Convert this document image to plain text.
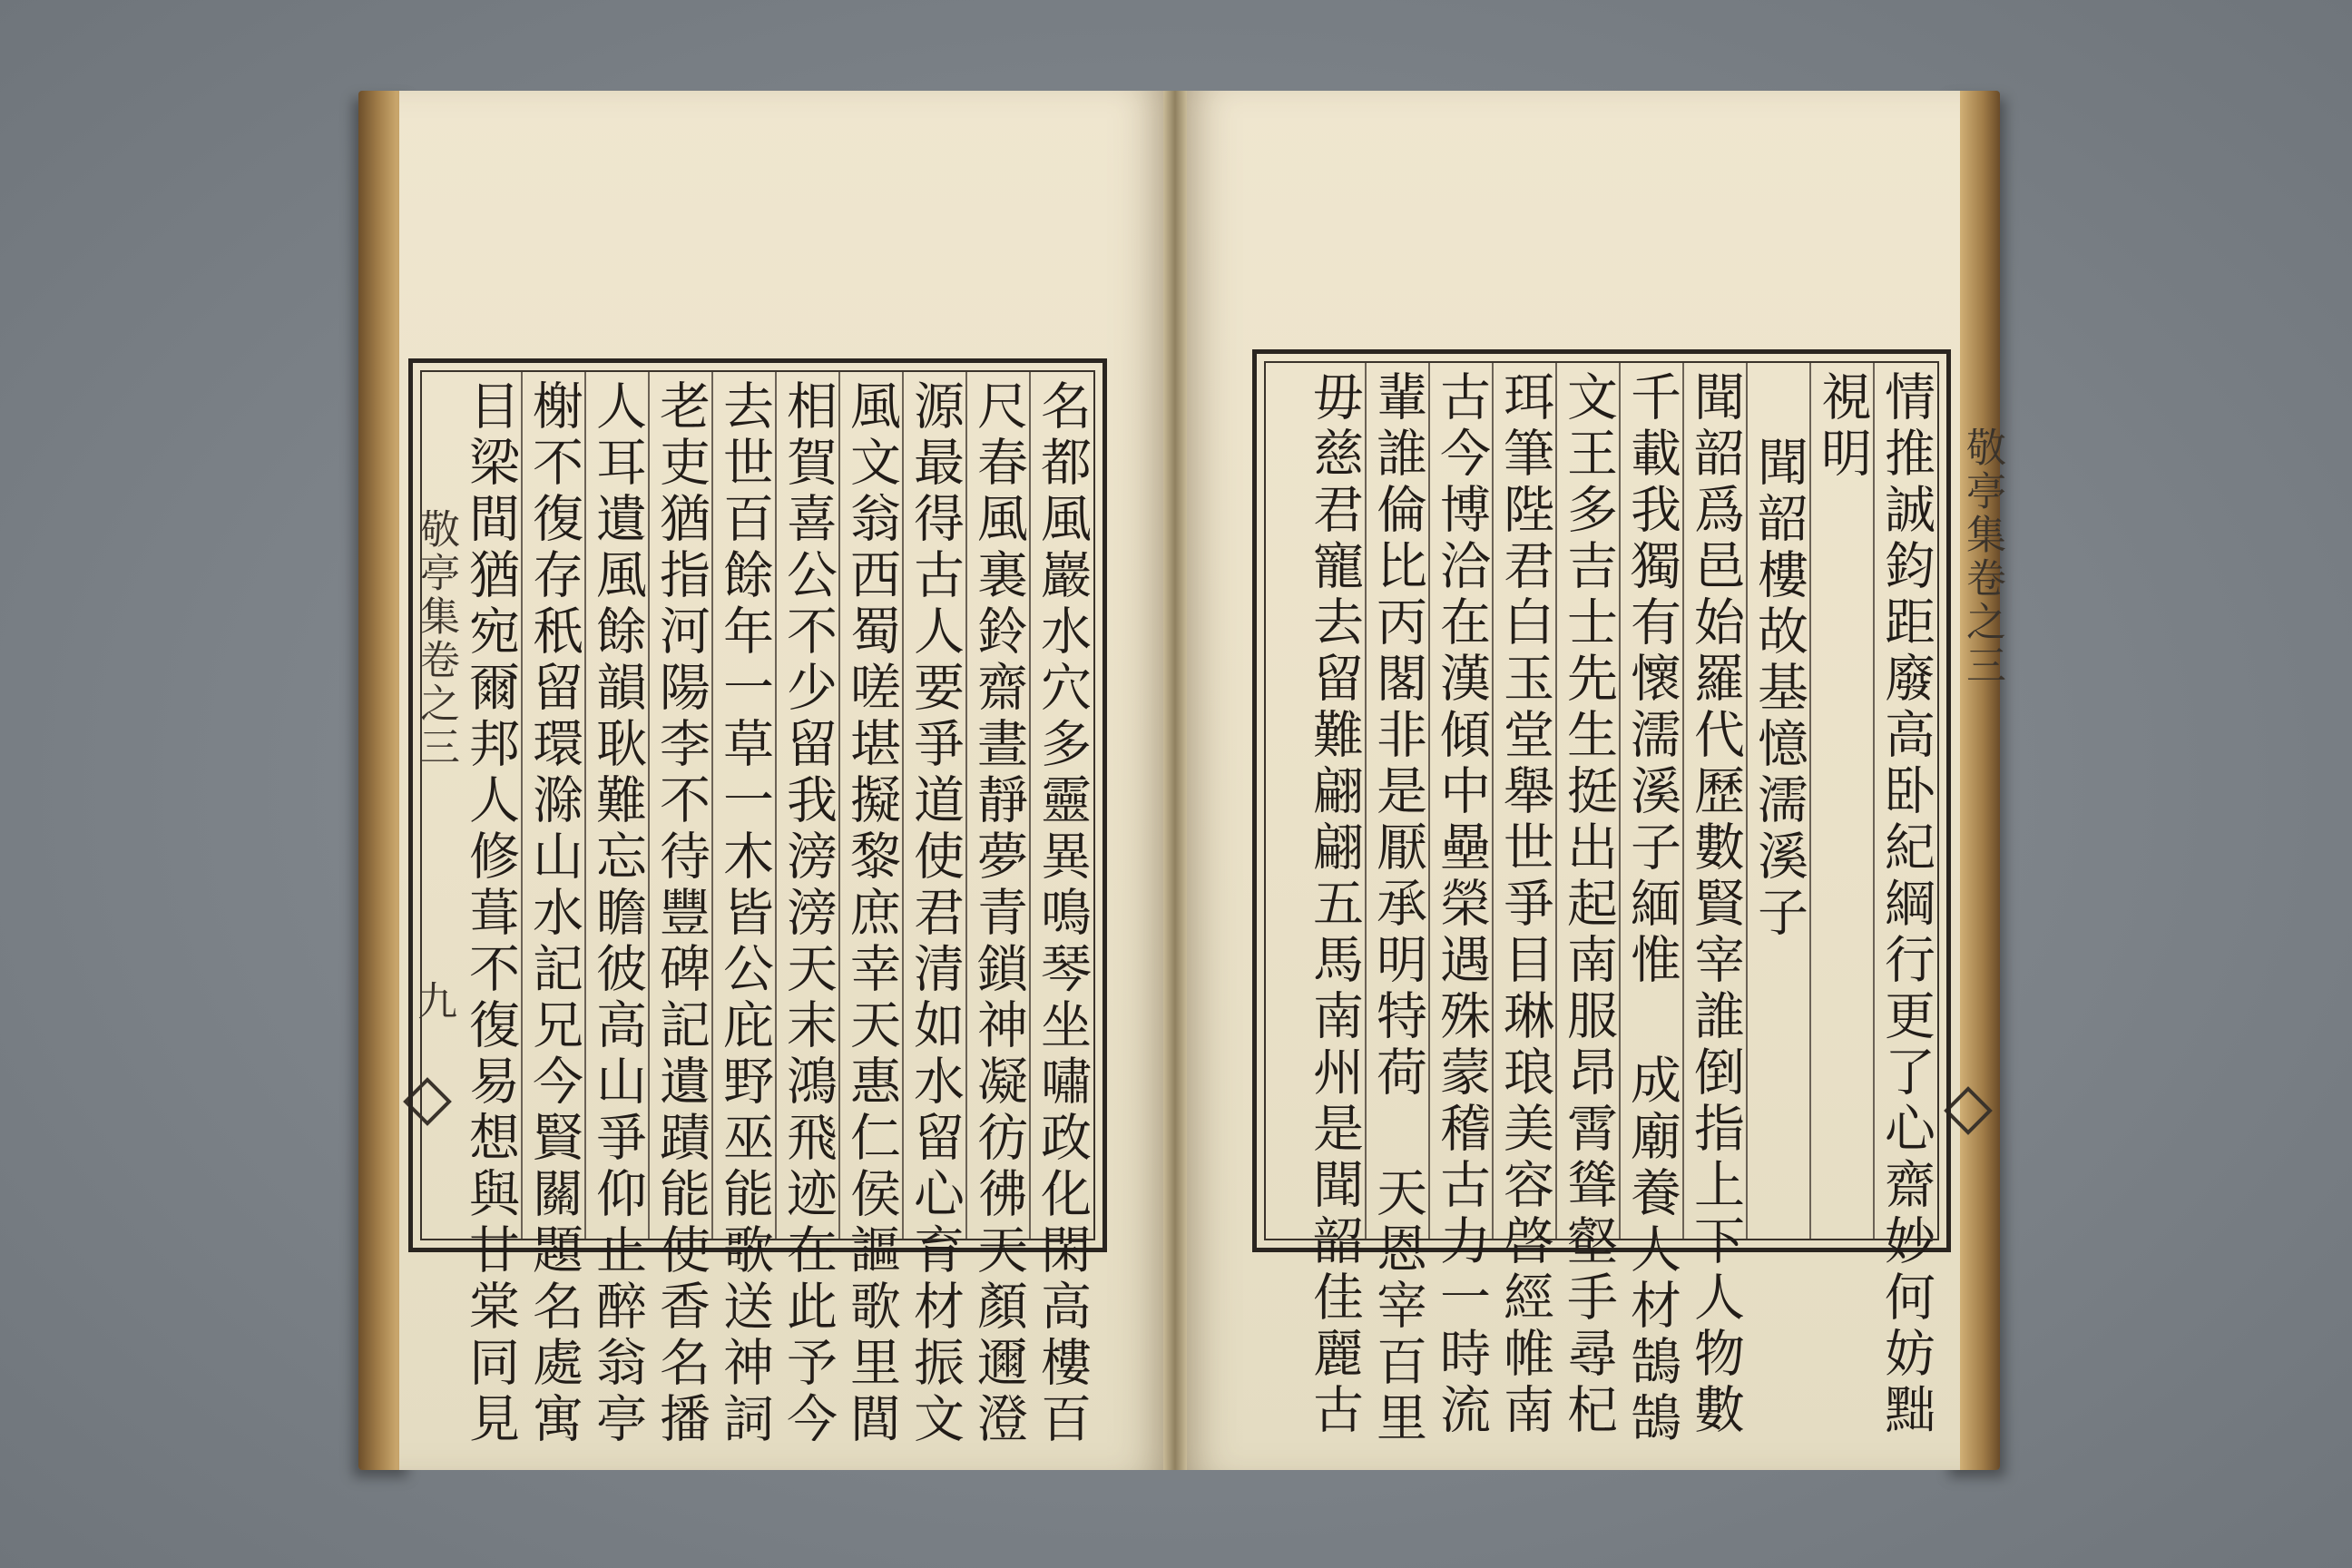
敬亭集卷之三
九
敬亭集卷之三
名都風巖水穴多靈異鳴琴坐嘯政化閑高樓百
尺春風裏鈴齋晝靜夢青鎖神凝彷彿天顏邇澄
源最得古人要爭道使君清如水留心育材振文
風文翁西蜀嗟堪擬黎庶幸天惠仁侯謳歌里閭
相賀喜公不少留我滂滂天末鴻飛迹在此予今
去世百餘年一草一木皆公庇野巫能歌送神詞
老吏猶指河陽李不待豐碑記遺蹟能使香名播
人耳遺風餘韻耿難忘瞻彼高山爭仰止醉翁亭
榭不復存秖留環滁山水記兄今賢關題名處寓
目梁間猶宛爾邦人修葺不復易想與甘棠同見	情推誠鈞距廢高卧紀綱行更了心齋妙何妨黜
視明
聞韶樓故基憶濡溪子
聞韶爲邑始羅代歷數賢宰誰倒指上下人物數
千載我獨有懷濡溪子緬惟 成廟養人材鵠鵠
文王多吉士先生挺出起南服昂霄聳壑手尋杞
珥筆陛君白玉堂舉世爭目琳琅美容啓經帷南
古今博洽在漢傾中壘榮遇殊蒙稽古力一時流
輩誰倫比丙閣非是厭承明特荷 天恩宰百里
毋慈君寵去留難翩翩五馬南州是聞韶佳麗古
